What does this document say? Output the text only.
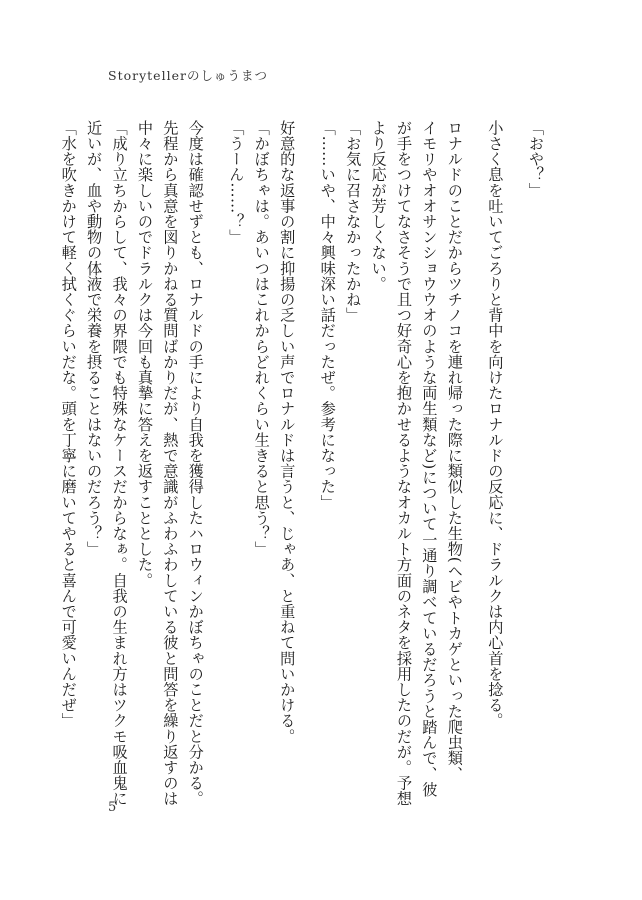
Storytellerのしゅうまつ
「おや？」
小さく息を吐いてごろりと背中を向けたロナルドの反応に、ドラルクは内心首を捻る。
ロナルドのことだからツチノコを連れ帰った際に類似した生物(ヘビやトカゲといった爬虫類、
イモリやオオサンショウウオのような両生類など)について一通り調べているだろうと踏んで、彼
が手をつけてなさそうで且つ好奇心を抱かせるようなオカルト方面のネタを採用したのだが。予想
より反応が芳しくない。
「お気に召さなかったかね」
「……いや、中々興味深い話だったぜ。参考になった」
好意的な返事の割に抑揚の乏しい声でロナルドは言うと、じゃあ、と重ねて問いかける。
「かぼちゃは。あいつはこれからどれくらい生きると思う？」
「うーん……？」
今度は確認せずとも、ロナルドの手により自我を獲得したハロウィンかぼちゃのことだと分かる。
先程から真意を図りかねる質問ばかりだが、熱で意識がふわふわしている彼と問答を繰り返すのは
中々に楽しいのでドラルクは今回も真摯に答えを返すこととした。
「成り立ちからして、我々の界隈でも特殊なケースだからなぁ。自我の生まれ方はツクモ吸血鬼に
近いが、血や動物の体液で栄養を摂ることはないのだろう？」
「水を吹きかけて軽く拭くぐらいだな。頭を丁寧に磨いてやると喜んで可愛いんだぜ」
5
